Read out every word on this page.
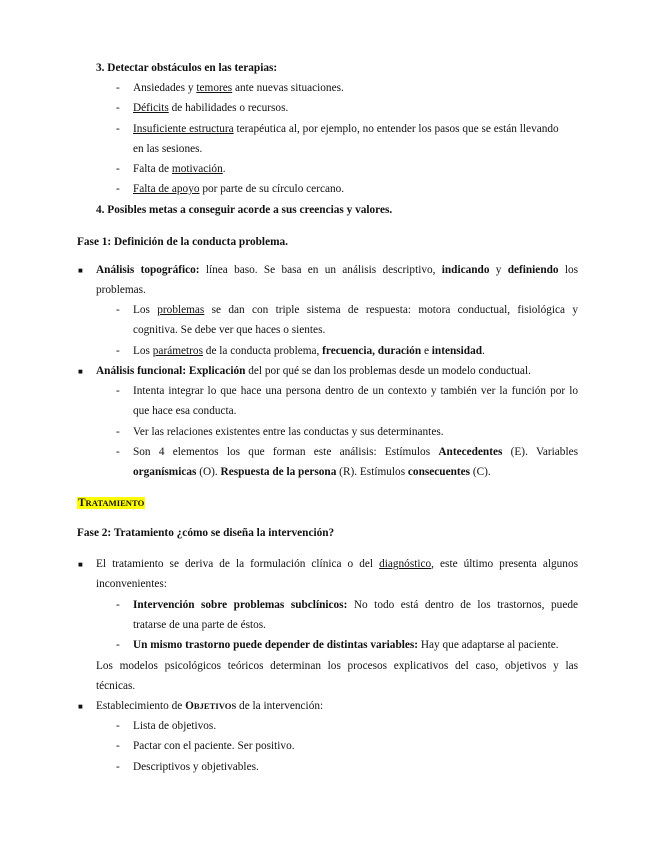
3. Detectar obstáculos en las terapias:
- Ansiedades y temores ante nuevas situaciones.
- Déficits de habilidades o recursos.
- Insuficiente estructura terapéutica al, por ejemplo, no entender los pasos que se están llevando
en las sesiones.
- Falta de motivación.
- Falta de apoyo por parte de su círculo cercano.
4. Posibles metas a conseguir acorde a sus creencias y valores.
Fase 1: Definición de la conducta problema.
■ Análisis topográfico: línea baso. Se basa en un análisis descriptivo, indicando y definiendo los
problemas.
- Los problemas se dan con triple sistema de respuesta: motora conductual, fisiológica y
cognitiva. Se debe ver que haces o sientes.
- Los parámetros de la conducta problema, frecuencia, duración e intensidad.
■ Análisis funcional: Explicación del por qué se dan los problemas desde un modelo conductual.
- Intenta integrar lo que hace una persona dentro de un contexto y también ver la función por lo
que hace esa conducta.
- Ver las relaciones existentes entre las conductas y sus determinantes.
- Son 4 elementos los que forman este análisis: Estímulos Antecedentes (E). Variables
organísmicas (O). Respuesta de la persona (R). Estímulos consecuentes (C).
TRATAMIENTO
Fase 2: Tratamiento ¿cómo se diseña la intervención?
■ El tratamiento se deriva de la formulación clínica o del diagnóstico, este último presenta algunos
inconvenientes:
- Intervención sobre problemas subclínicos: No todo está dentro de los trastornos, puede
tratarse de una parte de éstos.
- Un mismo trastorno puede depender de distintas variables: Hay que adaptarse al paciente.
Los modelos psicológicos teóricos determinan los procesos explicativos del caso, objetivos y las
técnicas.
■ Establecimiento de OBJETIVOS de la intervención:
- Lista de objetivos.
- Pactar con el paciente. Ser positivo.
- Descriptivos y objetivables.
